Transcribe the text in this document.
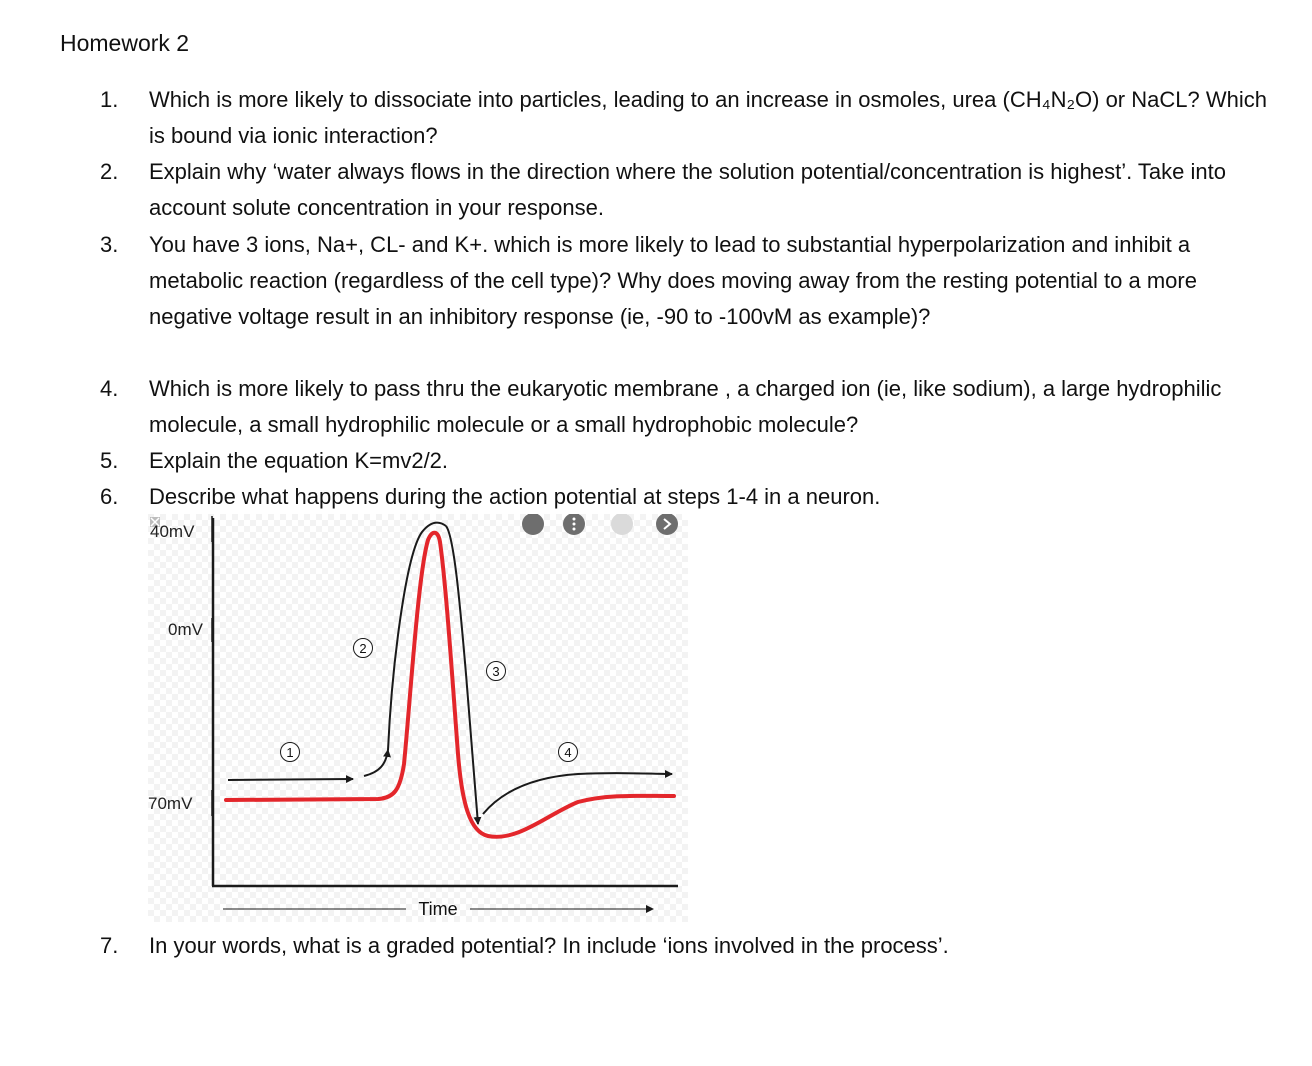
Homework 2
1. Which is more likely to dissociate into particles, leading to an increase in osmoles, urea (CH₄N₂O) or NaCL? Which is bound via ionic interaction?
2. Explain why ‘water always flows in the direction where the solution potential/concentration is highest’. Take into account solute concentration in your response.
3. You have 3 ions, Na+, CL- and K+. which is more likely to lead to substantial hyperpolarization and inhibit a metabolic reaction (regardless of the cell type)? Why does moving away from the resting potential to a more negative voltage result in an inhibitory response (ie, -90 to -100vM as example)?
4. Which is more likely to pass thru the eukaryotic membrane , a charged ion (ie, like sodium), a large hydrophilic molecule, a small hydrophilic molecule or a small hydrophobic molecule?
5. Explain the equation K=mv2/2.
6. Describe what happens during the action potential at steps 1-4 in a neuron.
40mV
0mV
70mV
1
2
3
4
Time
7. In your words, what is a graded potential? In include ‘ions involved in the process’.
